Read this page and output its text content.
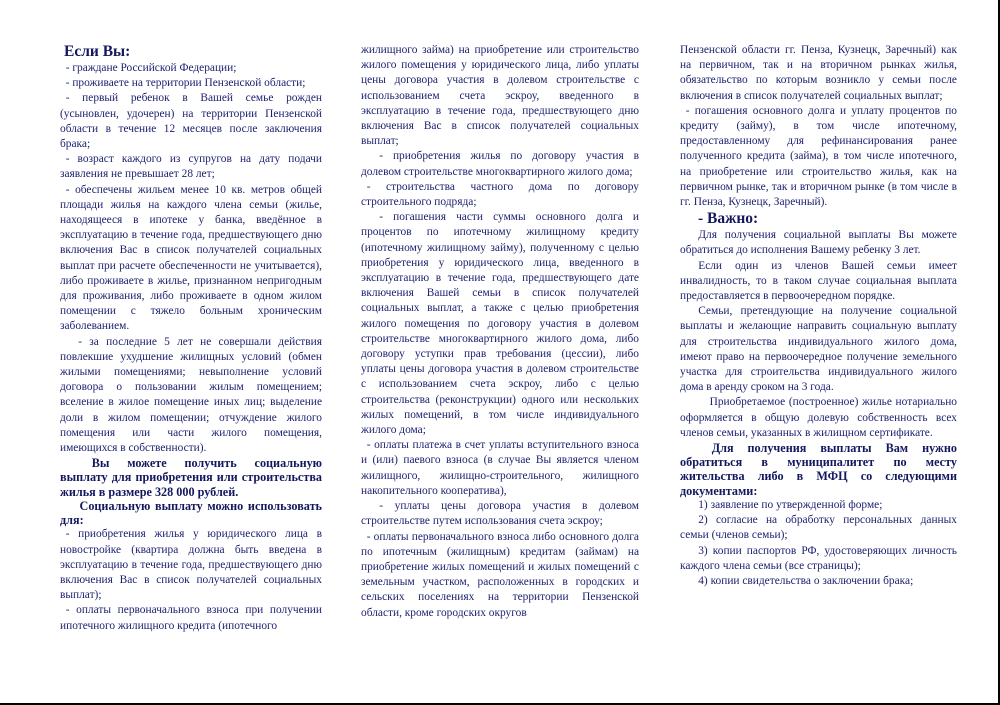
Если Вы:

- граждане Российской Федерации;

- проживаете на территории Пензенской области;

- первый ребенок в Вашей семье рожден (усыновлен, удочерен) на территории Пензенской области в течение 12 месяцев после заключения брака;

- возраст каждого из супругов на дату подачи заявления не превышает 28 лет;

- обеспечены жильем менее 10 кв. метров общей площади жилья на каждого члена семьи (жилье, находящееся в ипотеке у банка, введённое в эксплуатацию в течение года, предшествующего дню включения Вас в список получателей социальных выплат при расчете обеспеченности не учитывается), либо проживаете в жилье, признанном непригодным для проживания, либо проживаете в одном жилом помещении с тяжело больным хроническим заболеванием.

- за последние 5 лет не совершали действия повлекшие ухудшение жилищных условий (обмен жилыми помещениями; невыполнение условий договора о пользовании жилым помещением; вселение в жилое помещение иных лиц; выделение доли в жилом помещении; отчуждение жилого помещения или части жилого помещения, имеющихся в собственности).

Вы можете получить социальную выплату для приобретения или строительства жилья в размере 328 000 рублей.

Социальную выплату можно использовать для:

- приобретения жилья у юридического лица в новостройке (квартира должна быть введена в эксплуатацию в течение года, предшествующего дню включения Вас в список получателей социальных выплат);

- оплаты первоначального взноса при получении ипотечного жилищного кредита (ипотечного

жилищного займа) на приобретение или строительство жилого помещения у юридического лица, либо уплаты цены договора участия в долевом строительстве с использованием счета эскроу, введенного в эксплуатацию в течение года, предшествующего дню включения Вас в список получателей социальных выплат;

- приобретения жилья по договору участия в долевом строительстве многоквартирного жилого дома;

- строительства частного дома по договору строительного подряда;

- погашения части суммы основного долга и процентов по ипотечному жилищному кредиту (ипотечному жилищному займу), полученному с целью приобретения у юридического лица, введенного в эксплуатацию в течение года, предшествующего дате включения Вашей семьи в список получателей социальных выплат, а также с целью приобретения жилого помещения по договору участия в долевом строительстве многоквартирного жилого дома, либо договору уступки прав требования (цессии), либо уплаты цены договора участия в долевом строительстве с использованием счета эскроу, либо с целью строительства (реконструкции) одного или нескольких жилых помещений, в том числе индивидуального жилого дома;

- оплаты платежа в счет уплаты вступительного взноса и (или) паевого взноса (в случае Вы является членом жилищного, жилищно-строительного, жилищного накопительного кооператива),

- уплаты цены договора участия в долевом строительстве путем использования счета эскроу;

- оплаты первоначального взноса либо основного долга по ипотечным (жилищным) кредитам (займам) на приобретение жилых помещений и жилых помещений с земельным участком, расположенных в городских и сельских поселениях на территории Пензенской области, кроме городских округов

Пензенской области гг. Пенза, Кузнецк, Заречный) как на первичном, так и на вторичном рынках жилья, обязательство по которым возникло у семьи после включения в список получателей социальных выплат;

- погашения основного долга и уплату процентов по кредиту (займу), в том числе ипотечному, предоставленному для рефинансирования ранее полученного кредита (займа), в том числе ипотечного, на приобретение или строительство жилья, как на первичном рынке, так и вторичном рынке (в том числе в гг. Пенза, Кузнецк, Заречный).

- Важно:

Для получения социальной выплаты Вы можете обратиться до исполнения Вашему ребенку 3 лет.

Если один из членов Вашей семьи имеет инвалидность, то в таком случае социальная выплата предоставляется в первоочередном порядке.

Семьи, претендующие на получение социальной выплаты и желающие направить социальную выплату для строительства индивидуального жилого дома, имеют право на первоочередное получение земельного участка для строительства индивидуального жилого дома в аренду сроком на 3 года.

Приобретаемое (построенное) жилье нотариально оформляется в общую долевую собственность всех членов семьи, указанных в жилищном сертификате.

Для получения выплаты Вам нужно обратиться в муниципалитет по месту жительства либо в МФЦ со следующими документами:

1) заявление по утвержденной форме;

2) согласие на обработку персональных данных семьи (членов семьи);

3) копии паспортов РФ, удостоверяющих личность каждого члена семьи (все страницы);

4) копии свидетельства о заключении брака;
